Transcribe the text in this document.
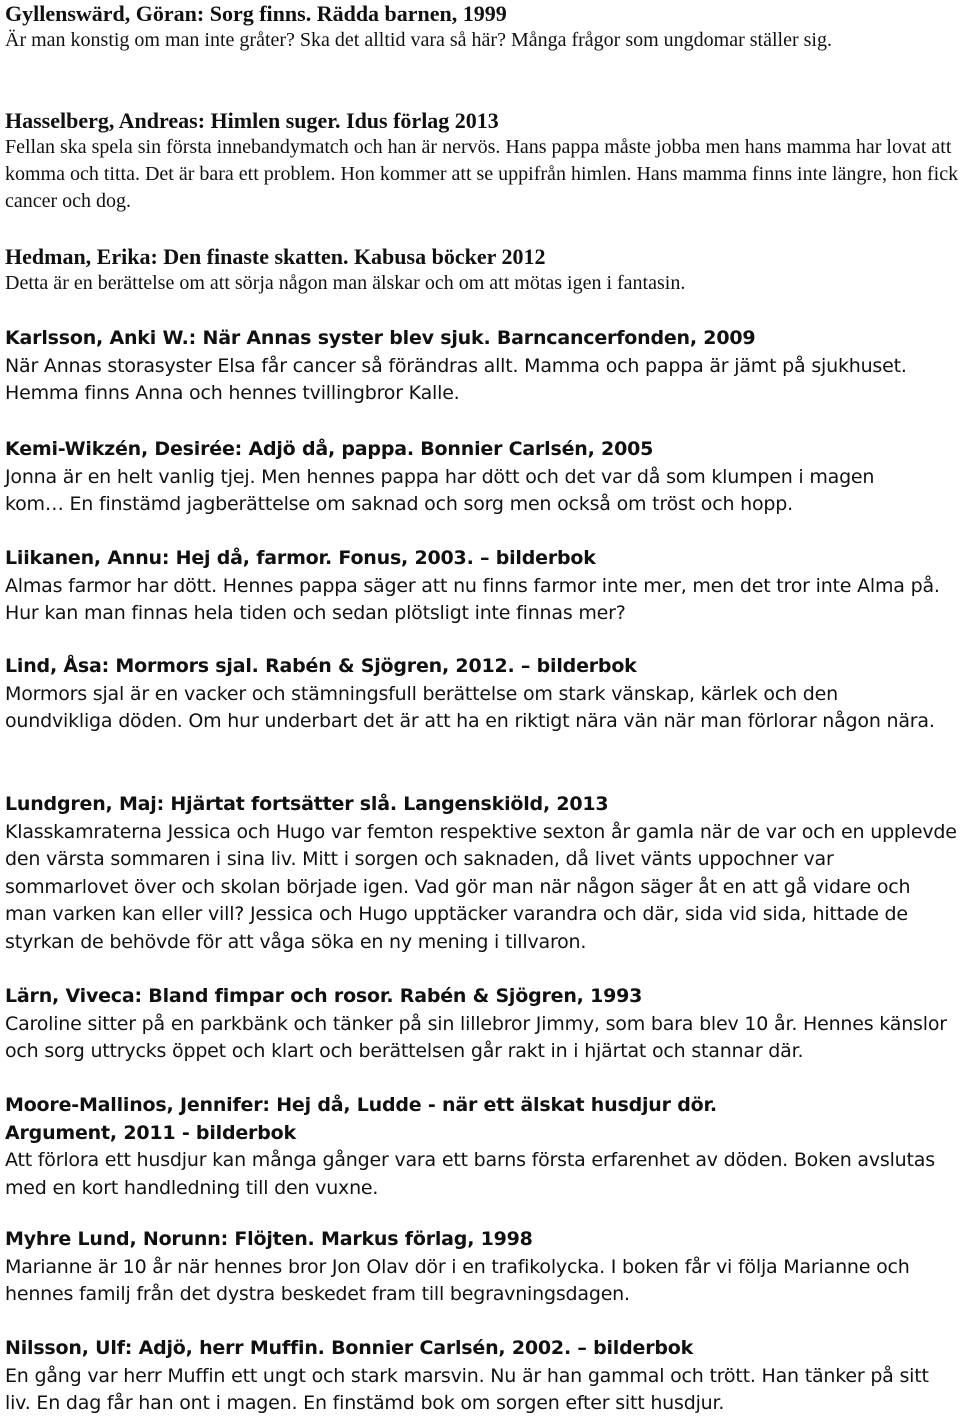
Gyllenswärd, Göran: Sorg finns. Rädda barnen, 1999
Är man konstig om man inte gråter? Ska det alltid vara så här? Många frågor som ungdomar ställer sig.
Hasselberg, Andreas: Himlen suger. Idus förlag 2013
Fellan ska spela sin första innebandymatch och han är nervös. Hans pappa måste jobba men hans mamma har lovat att komma och titta. Det är bara ett problem. Hon kommer att se uppifrån himlen. Hans mamma finns inte längre, hon fick cancer och dog.
Hedman, Erika: Den finaste skatten. Kabusa böcker 2012
Detta är en berättelse om att sörja någon man älskar och om att mötas igen i fantasin.
Karlsson, Anki W.: När Annas syster blev sjuk. Barncancerfonden, 2009
När Annas storasyster Elsa får cancer så förändras allt. Mamma och pappa är jämt på sjukhuset. Hemma finns Anna och hennes tvillingbror Kalle.
Kemi-Wikzén, Desirée: Adjö då, pappa. Bonnier Carlsén, 2005
Jonna är en helt vanlig tjej. Men hennes pappa har dött och det var då som klumpen i magen kom… En finstämd jagberättelse om saknad och sorg men också om tröst och hopp.
Liikanen, Annu: Hej då, farmor. Fonus, 2003. – bilderbok
Almas farmor har dött. Hennes pappa säger att nu finns farmor inte mer, men det tror inte Alma på. Hur kan man finnas hela tiden och sedan plötsligt inte finnas mer?
Lind, Åsa: Mormors sjal. Rabén & Sjögren, 2012. – bilderbok
Mormors sjal är en vacker och stämningsfull berättelse om stark vänskap, kärlek och den oundvikliga döden. Om hur underbart det är att ha en riktigt nära vän när man förlorar någon nära.
Lundgren, Maj: Hjärtat fortsätter slå. Langenskiöld, 2013
Klasskamraterna Jessica och Hugo var femton respektive sexton år gamla när de var och en upplevde den värsta sommaren i sina liv. Mitt i sorgen och saknaden, då livet vänts uppochner var sommarlovet över och skolan började igen. Vad gör man när någon säger åt en att gå vidare och man varken kan eller vill? Jessica och Hugo upptäcker varandra och där, sida vid sida, hittade de styrkan de behövde för att våga söka en ny mening i tillvaron.
Lärn, Viveca: Bland fimpar och rosor. Rabén & Sjögren, 1993
Caroline sitter på en parkbänk och tänker på sin lillebror Jimmy, som bara blev 10 år. Hennes känslor och sorg uttrycks öppet och klart och berättelsen går rakt in i hjärtat och stannar där.
Moore-Mallinos, Jennifer: Hej då, Ludde - när ett älskat husdjur dör.
Argument, 2011 - bilderbok
Att förlora ett husdjur kan många gånger vara ett barns första erfarenhet av döden. Boken avslutas med en kort handledning till den vuxne.
Myhre Lund, Norunn: Flöjten. Markus förlag, 1998
Marianne är 10 år när hennes bror Jon Olav dör i en trafikolycka. I boken får vi följa Marianne och hennes familj från det dystra beskedet fram till begravningsdagen.
Nilsson, Ulf: Adjö, herr Muffin. Bonnier Carlsén, 2002. – bilderbok
En gång var herr Muffin ett ungt och stark marsvin. Nu är han gammal och trött. Han tänker på sitt liv. En dag får han ont i magen. En finstämd bok om sorgen efter sitt husdjur.
